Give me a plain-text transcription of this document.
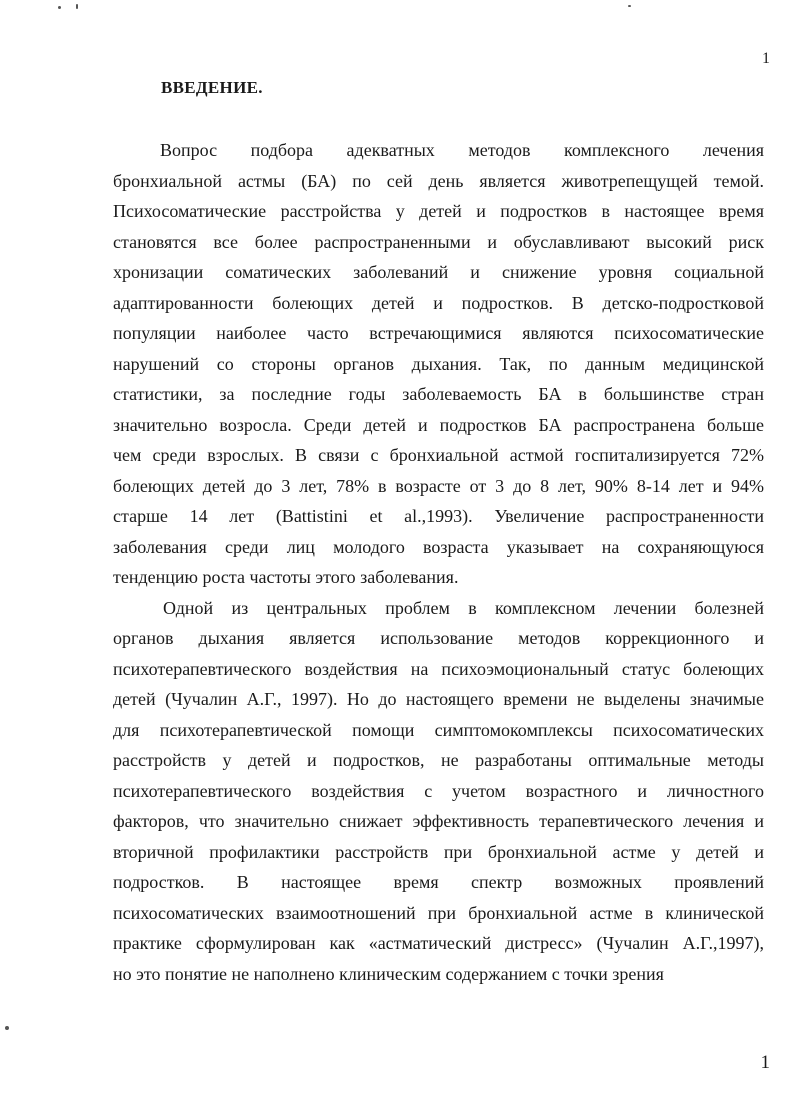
1
ВВЕДЕНИЕ.
Вопрос подбора адекватных методов комплексного лечения
бронхиальной астмы (БА) по сей день является животрепещущей темой.
Психосоматические расстройства у детей и подростков в настоящее время
становятся все более распространенными и обуславливают высокий риск
хронизации соматических заболеваний и снижение уровня социальной
адаптированности болеющих детей и подростков. В детско-подростковой
популяции наиболее часто встречающимися являются психосоматические
нарушений со стороны органов дыхания. Так, по данным медицинской
статистики, за последние годы заболеваемость БА в большинстве стран
значительно возросла. Среди детей и подростков БА распространена больше
чем среди взрослых. В связи с бронхиальной астмой госпитализируется 72%
болеющих детей до 3 лет, 78% в возрасте от 3 до 8 лет, 90% 8-14 лет и 94%
старше 14 лет (Battistini et al.,1993). Увеличение распространенности
заболевания среди лиц молодого возраста указывает на сохраняющуюся
тенденцию роста частоты этого заболевания.
Одной из центральных проблем в комплексном лечении болезней
органов дыхания является использование методов коррекционного и
психотерапевтического воздействия на психоэмоциональный статус болеющих
детей (Чучалин А.Г., 1997). Но до настоящего времени не выделены значимые
для психотерапевтической помощи симптомокомплексы психосоматических
расстройств у детей и подростков, не разработаны оптимальные методы
психотерапевтического воздействия с учетом возрастного и личностного
факторов, что значительно снижает эффективность терапевтического лечения и
вторичной профилактики расстройств при бронхиальной астме у детей и
подростков. В настоящее время спектр возможных проявлений
психосоматических взаимоотношений при бронхиальной астме в клинической
практике сформулирован как «астматический дистресс» (Чучалин А.Г.,1997),
но это понятие не наполнено клиническим содержанием с точки зрения
1
